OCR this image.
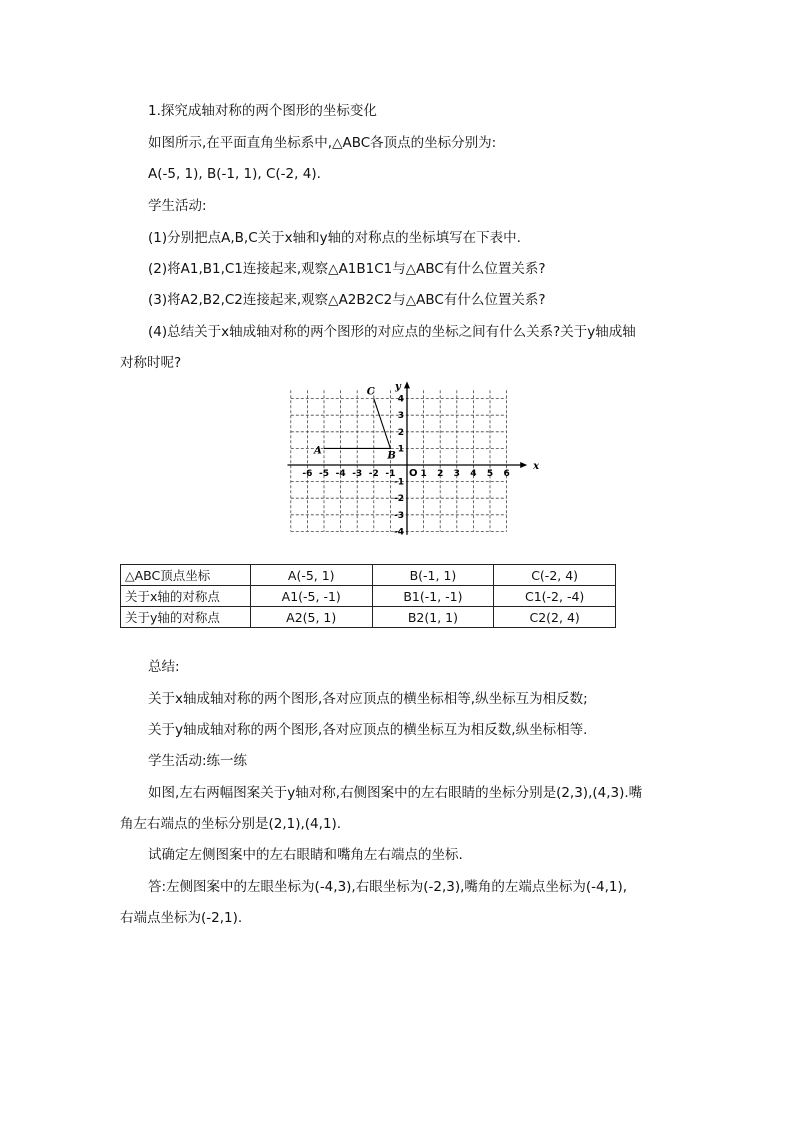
1.探究成轴对称的两个图形的坐标变化
如图所示,在平面直角坐标系中,△ABC各顶点的坐标分别为:
A(-5, 1), B(-1, 1), C(-2, 4).
学生活动:
(1)分别把点A,B,C关于x轴和y轴的对称点的坐标填写在下表中.
(2)将A1,B1,C1连接起来,观察△A1B1C1与△ABC有什么位置关系?
(3)将A2,B2,C2连接起来,观察△A2B2C2与△ABC有什么位置关系?
(4)总结关于x轴成轴对称的两个图形的对应点的坐标之间有什么关系?关于y轴成轴
对称时呢?
x
y
O
-6 -5 -4 -3 -2 -1	1 2 3 4 5 6
4
3
2
1
-1
-2
-3
-4
A	B
C
△ABC顶点坐标	A(-5, 1)	B(-1, 1)	C(-2, 4)
关于x轴的对称点	A1(-5, -1)	B1(-1, -1)	C1(-2, -4)
关于y轴的对称点	A2(5, 1)	B2(1, 1)	C2(2, 4)
总结:
关于x轴成轴对称的两个图形,各对应顶点的横坐标相等,纵坐标互为相反数;
关于y轴成轴对称的两个图形,各对应顶点的横坐标互为相反数,纵坐标相等.
学生活动:练一练
如图,左右两幅图案关于y轴对称,右侧图案中的左右眼睛的坐标分别是(2,3),(4,3).嘴
角左右端点的坐标分别是(2,1),(4,1).
试确定左侧图案中的左右眼睛和嘴角左右端点的坐标.
答:左侧图案中的左眼坐标为(-4,3),右眼坐标为(-2,3),嘴角的左端点坐标为(-4,1),
右端点坐标为(-2,1).
